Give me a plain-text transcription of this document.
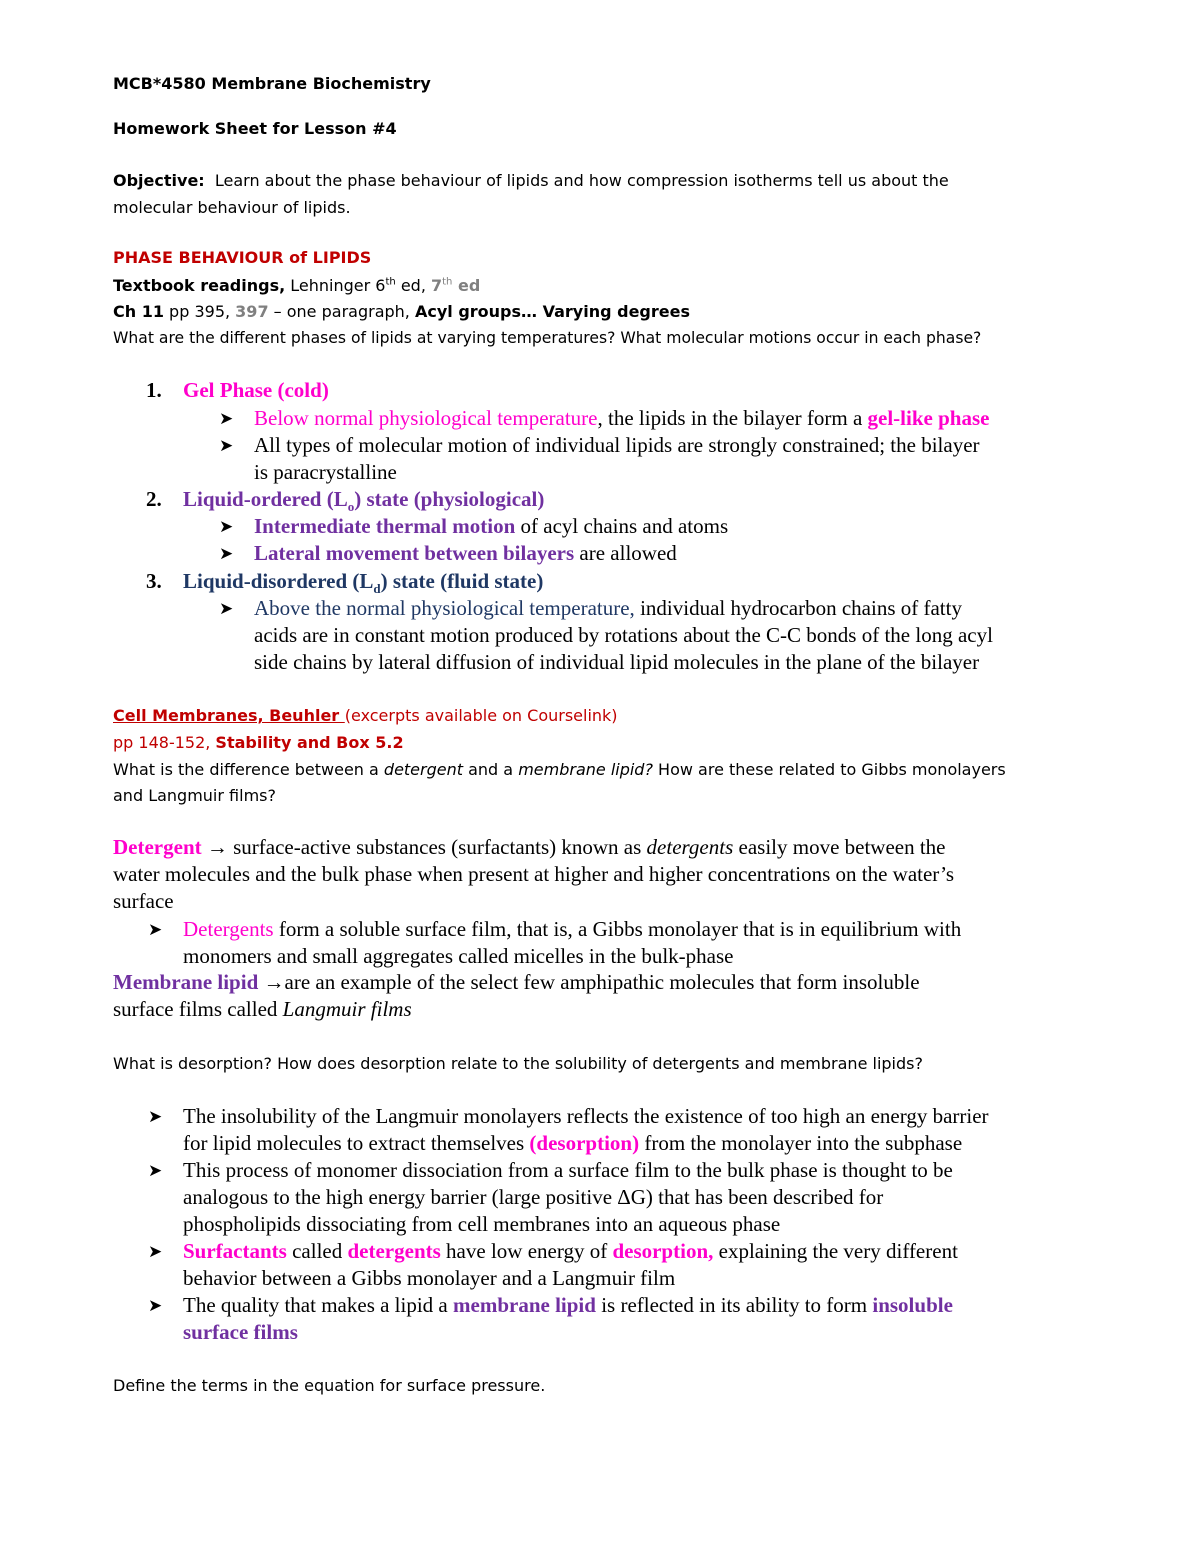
MCB*4580 Membrane Biochemistry
Homework Sheet for Lesson #4
Objective: Learn about the phase behaviour of lipids and how compression isotherms tell us about the
molecular behaviour of lipids.
PHASE BEHAVIOUR of LIPIDS
Textbook readings, Lehninger 6th ed, 7th ed
Ch 11 pp 395, 397 – one paragraph, Acyl groups… Varying degrees
What are the different phases of lipids at varying temperatures? What molecular motions occur in each phase?
1. Gel Phase (cold)
➤ Below normal physiological temperature, the lipids in the bilayer form a gel-like phase
➤ All types of molecular motion of individual lipids are strongly constrained; the bilayer
is paracrystalline
2. Liquid-ordered $(L_o)$ state (physiological)
➤ Intermediate thermal motion of acyl chains and atoms
➤ Lateral movement between bilayers are allowed
3. Liquid-disordered $(L_d)$ state (fluid state)
➤ Above the normal physiological temperature, individual hydrocarbon chains of fatty
acids are in constant motion produced by rotations about the C-C bonds of the long acyl
side chains by lateral diffusion of individual lipid molecules in the plane of the bilayer
Cell Membranes, Beuhler (excerpts available on Courselink)
pp 148-152, Stability and Box 5.2
What is the difference between a detergent and a membrane lipid? How are these related to Gibbs monolayers
and Langmuir films?
Detergent → surface-active substances (surfactants) known as detergents easily move between the
water molecules and the bulk phase when present at higher and higher concentrations on the water’s
surface
➤ Detergents form a soluble surface film, that is, a Gibbs monolayer that is in equilibrium with
monomers and small aggregates called micelles in the bulk-phase
Membrane lipid →are an example of the select few amphipathic molecules that form insoluble
surface films called Langmuir films
What is desorption? How does desorption relate to the solubility of detergents and membrane lipids?
➤ The insolubility of the Langmuir monolayers reflects the existence of too high an energy barrier
for lipid molecules to extract themselves (desorption) from the monolayer into the subphase
➤ This process of monomer dissociation from a surface film to the bulk phase is thought to be
analogous to the high energy barrier (large positive ΔG) that has been described for
phospholipids dissociating from cell membranes into an aqueous phase
➤ Surfactants called detergents have low energy of desorption, explaining the very different
behavior between a Gibbs monolayer and a Langmuir film
➤ The quality that makes a lipid a membrane lipid is reflected in its ability to form insoluble
surface films
Define the terms in the equation for surface pressure.
